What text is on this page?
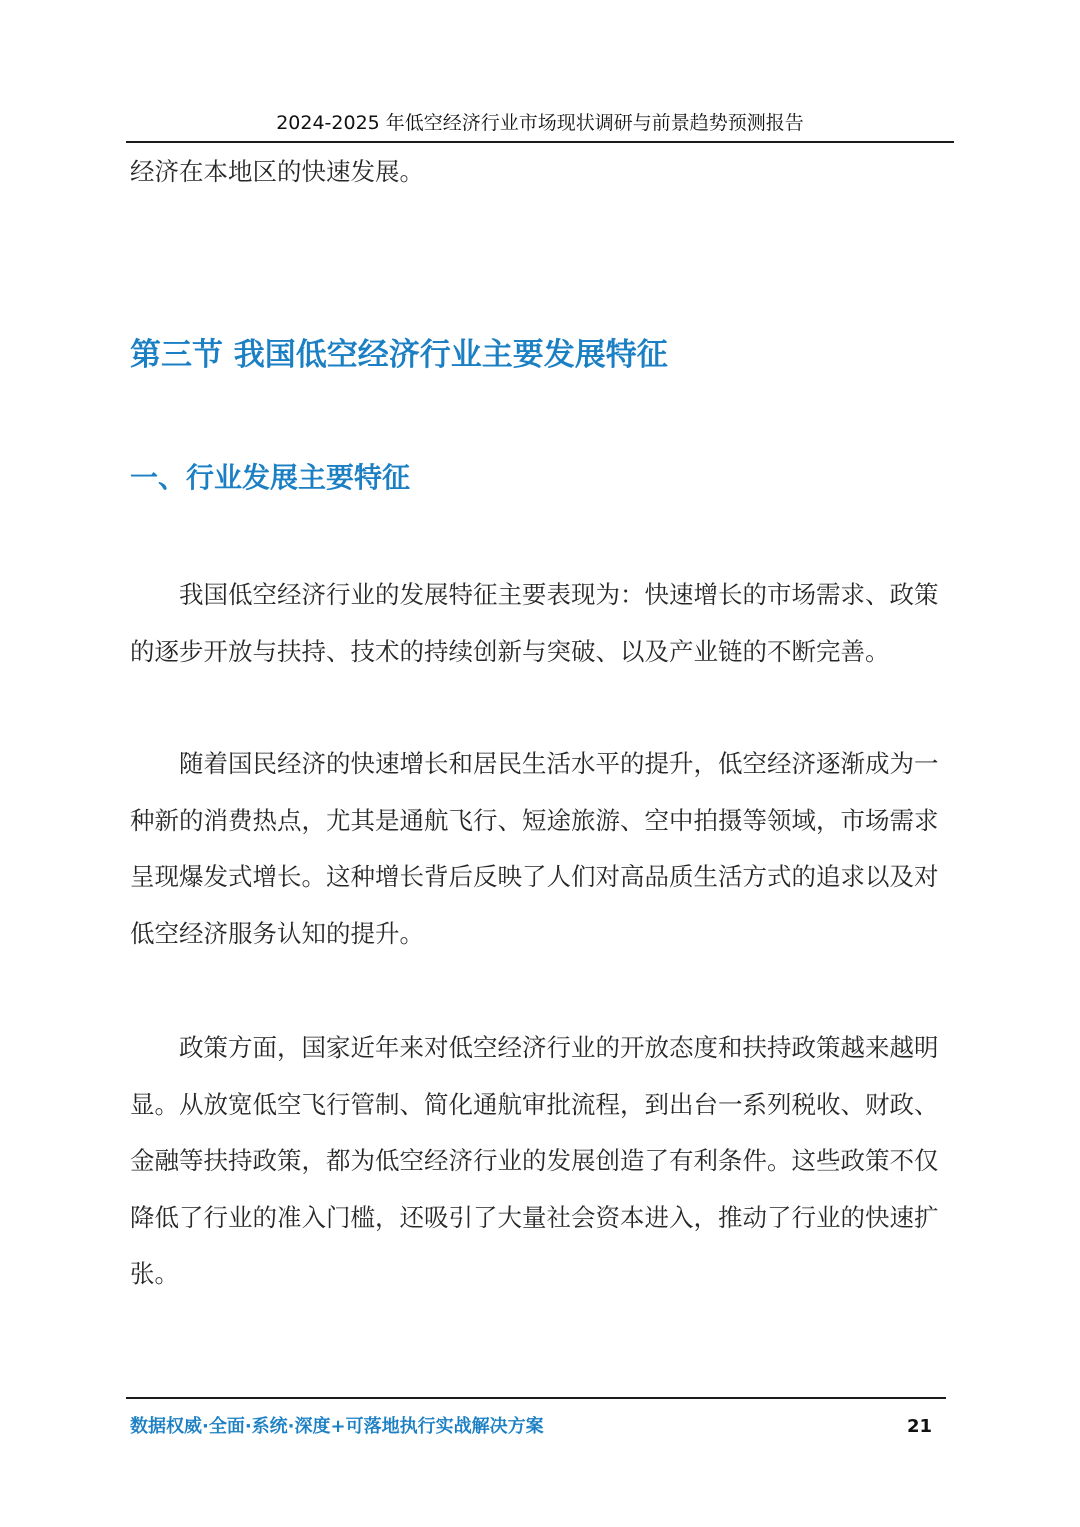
2024-2025 年低空经济行业市场现状调研与前景趋势预测报告

经济在本地区的快速发展。

第三节 我国低空经济行业主要发展特征
一、行业发展主要特征

我国低空经济行业的发展特征主要表现为：快速增长的市场需求、政策的逐步开放与扶持、技术的持续创新与突破、以及产业链的不断完善。

随着国民经济的快速增长和居民生活水平的提升，低空经济逐渐成为一种新的消费热点，尤其是通航飞行、短途旅游、空中拍摄等领域，市场需求呈现爆发式增长。这种增长背后反映了人们对高品质生活方式的追求以及对低空经济服务认知的提升。

政策方面，国家近年来对低空经济行业的开放态度和扶持政策越来越明显。从放宽低空飞行管制、简化通航审批流程，到出台一系列税收、财政、金融等扶持政策，都为低空经济行业的发展创造了有利条件。这些政策不仅降低了行业的准入门槛，还吸引了大量社会资本进入，推动了行业的快速扩张。

数据权威·全面·系统·深度+可落地执行实战解决方案	21
